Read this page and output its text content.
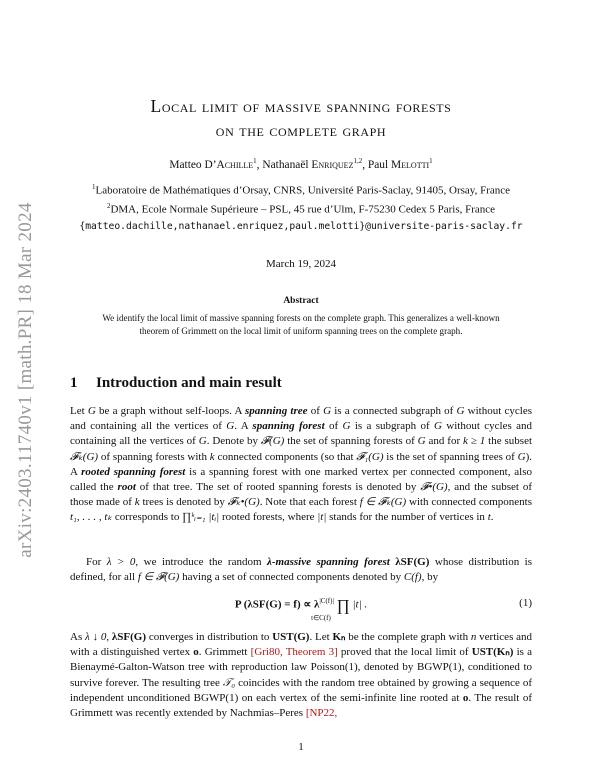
arXiv:2403.11740v1 [math.PR] 18 Mar 2024
Local limit of massive spanning forests
on the complete graph
Matteo D’Achille$^1$, Nathanaël Enriquez$^{1,2}$, Paul Melotti$^1$
$^1$Laboratoire de Mathématiques d’Orsay, CNRS, Université Paris-Saclay, 91405, Orsay, France
$^2$DMA, Ecole Normale Supérieure – PSL, 45 rue d’Ulm, F-75230 Cedex 5 Paris, France
{matteo.dachille,nathanael.enriquez,paul.melotti}@universite-paris-saclay.fr
March 19, 2024
Abstract
We identify the local limit of massive spanning forests on the complete graph. This generalizes a well-known theorem of Grimmett on the local limit of uniform spanning trees on the complete graph.
1 Introduction and main result

Let G be a graph without self-loops. A spanning tree of G is a connected subgraph of G without cycles and containing all the vertices of G. A spanning forest of G is a subgraph of G without cycles and containing all the vertices of G. Denote by 𝓕(G) the set of spanning forests of G and for k ≥ 1 the subset 𝓕ₖ(G) of spanning forests with k connected components (so that 𝓕₁(G) is the set of spanning trees of G). A rooted spanning forest is a spanning forest with one marked vertex per connected component, also called the root of that tree. The set of rooted spanning forests is denoted by 𝓕•(G), and the subset of those made of k trees is denoted by 𝓕ₖ•(G). Note that each forest f ∈ 𝓕ₖ(G) with connected components t₁, . . . , tₖ corresponds to ∏ᵏᵢ₌₁ |tᵢ| rooted forests, where |t| stands for the number of vertices in t.

For λ > 0, we introduce the random λ-massive spanning forest λSF(G) whose distribution is defined, for all f ∈ 𝓕(G) having a set of connected components denoted by C(f), by

P $(\lambda SF(G) = f) \propto \lambda^{|C(f)|}$ ∏ |t| .
t∈C(f)
(1)

As λ ↓ 0, λSF(G) converges in distribution to UST(G). Let Kₙ be the complete graph with n vertices and with a distinguished vertex o. Grimmett [Gri80, Theorem 3] proved that the local limit of UST(Kₙ) is a Bienaymé-Galton-Watson tree with reproduction law Poisson(1), denoted by BGWP(1), conditioned to survive forever. The resulting tree 𝒯₀ coincides with the random tree obtained by growing a sequence of independent unconditioned BGWP(1) on each vertex of the semi-infinite line rooted at o. The result of Grimmett was recently extended by Nachmias–Peres [NP22,

1
